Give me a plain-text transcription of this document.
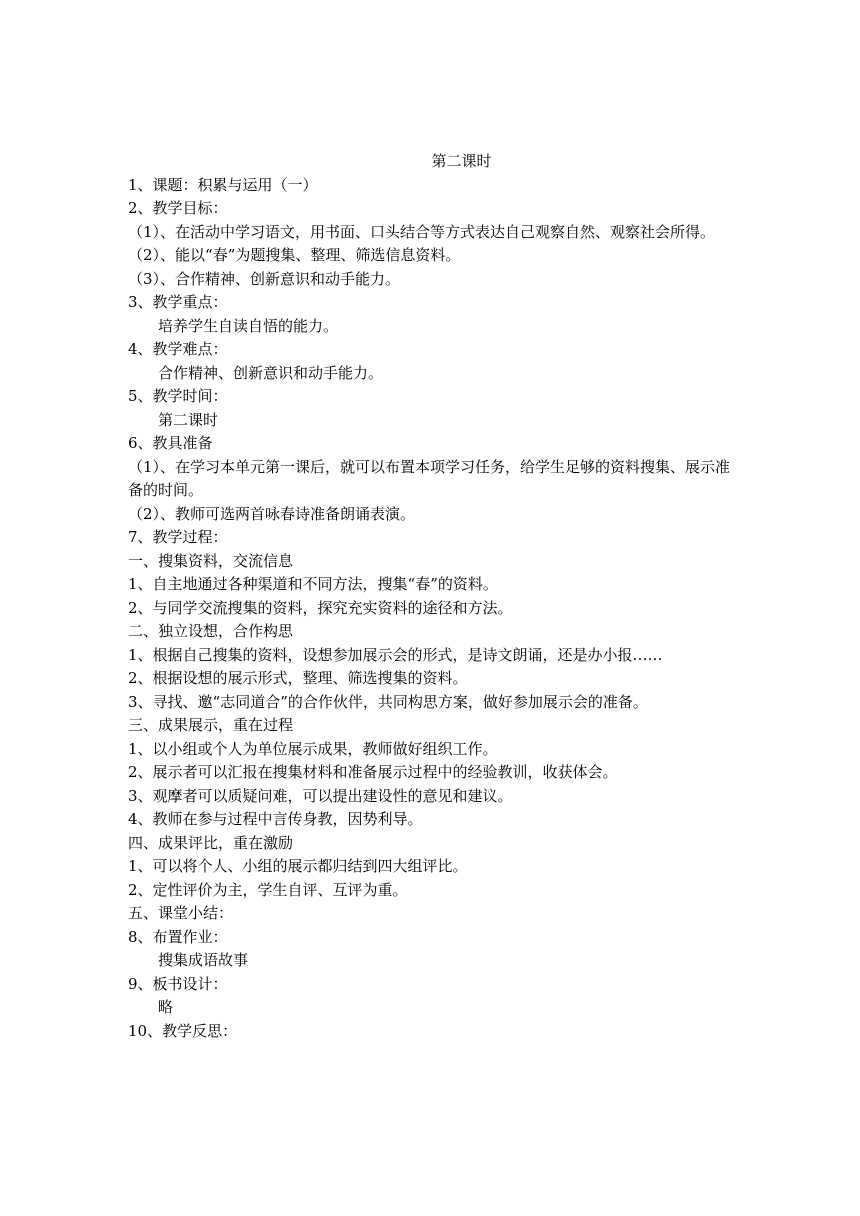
第二课时
1、课题：积累与运用（一）
2、教学目标：
（1）、在活动中学习语文，用书面、口头结合等方式表达自己观察自然、观察社会所得。
（2）、能以“春”为题搜集、整理、筛选信息资料。
（3）、合作精神、创新意识和动手能力。
3、教学重点：
培养学生自读自悟的能力。
4、教学难点：
合作精神、创新意识和动手能力。
5、教学时间：
第二课时
6、教具准备
（1）、在学习本单元第一课后，就可以布置本项学习任务，给学生足够的资料搜集、展示准备的时间。
（2）、教师可选两首咏春诗准备朗诵表演。
7、教学过程：
一、搜集资料，交流信息
1、自主地通过各种渠道和不同方法，搜集“春”的资料。
2、与同学交流搜集的资料，探究充实资料的途径和方法。
二、独立设想，合作构思
1、根据自己搜集的资料，设想参加展示会的形式，是诗文朗诵，还是办小报……
2、根据设想的展示形式，整理、筛选搜集的资料。
3、寻找、邀“志同道合”的合作伙伴，共同构思方案，做好参加展示会的准备。
三、成果展示，重在过程
1、以小组或个人为单位展示成果，教师做好组织工作。
2、展示者可以汇报在搜集材料和准备展示过程中的经验教训，收获体会。
3、观摩者可以质疑问难，可以提出建设性的意见和建议。
4、教师在参与过程中言传身教，因势利导。
四、成果评比，重在激励
1、可以将个人、小组的展示都归结到四大组评比。
2、定性评价为主，学生自评、互评为重。
五、课堂小结：
8、布置作业：
搜集成语故事
9、板书设计：
略
10、教学反思：
